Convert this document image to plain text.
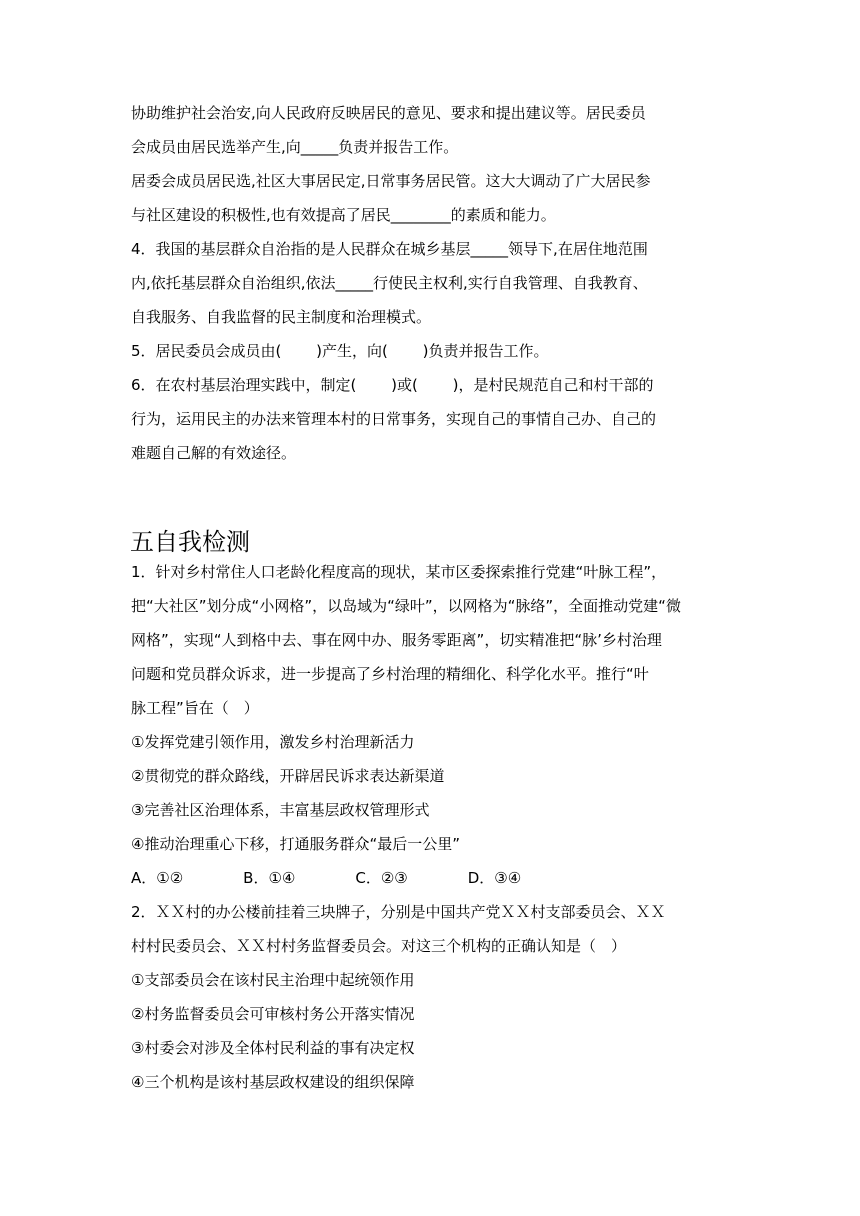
协助维护社会治安,向人民政府反映居民的意见、要求和提出建议等。居民委员
会成员由居民选举产生,向_____负责并报告工作。
居委会成员居民选,社区大事居民定,日常事务居民管。这大大调动了广大居民参
与社区建设的积极性,也有效提高了居民________的素质和能力。
4．我国的基层群众自治指的是人民群众在城乡基层_____领导下,在居住地范围
内,依托基层群众自治组织,依法_____行使民主权利,实行自我管理、自我教育、
自我服务、自我监督的民主制度和治理模式。
5．居民委员会成员由(　　 )产生，向(　　 )负责并报告工作。
6．在农村基层治理实践中，制定(　　 )或(　　 )，是村民规范自己和村干部的
行为，运用民主的办法来管理本村的日常事务，实现自己的事情自己办、自己的
难题自己解的有效途径。
五自我检测
1．针对乡村常住人口老龄化程度高的现状，某市区委探索推行党建“叶脉工程”，
把“大社区”划分成“小网格”，以岛域为“绿叶”，以网格为“脉络”，全面推动党建“微
网格”，实现“人到格中去、事在网中办、服务零距离”，切实精准把“脉’乡村治理
问题和党员群众诉求，进一步提高了乡村治理的精细化、科学化水平。推行“叶
脉工程”旨在（　）
①发挥党建引领作用，激发乡村治理新活力
②贯彻党的群众路线，开辟居民诉求表达新渠道
③完善社区治理体系，丰富基层政权管理形式
④推动治理重心下移，打通服务群众“最后一公里”
A．①②　　　　B．①④　　　　C．②③　　　　D．③④
2．ＸＸ村的办公楼前挂着三块牌子，分别是中国共产党ＸＸ村支部委员会、ＸＸ
村村民委员会、ＸＸ村村务监督委员会。对这三个机构的正确认知是（　）
①支部委员会在该村民主治理中起统领作用
②村务监督委员会可审核村务公开落实情况
③村委会对涉及全体村民利益的事有决定权
④三个机构是该村基层政权建设的组织保障
